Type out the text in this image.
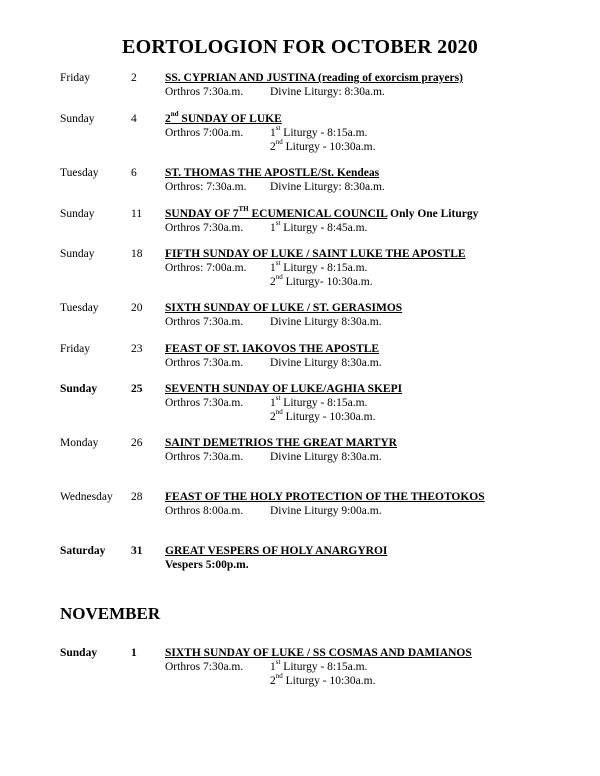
EORTOLOGION FOR OCTOBER 2020
Friday	2 SS. CYPRIAN AND JUSTINA (reading of exorcism prayers)
Orthros 7:30a.m. Divine Liturgy: 8:30a.m.
Sunday	4 2nd SUNDAY OF LUKE
Orthros 7:00a.m. 1st Liturgy - 8:15a.m.
2nd Liturgy - 10:30a.m.
Tuesday	6 ST. THOMAS THE APOSTLE/St. Kendeas
Orthros: 7:30a.m. Divine Liturgy: 8:30a.m.
Sunday	11 SUNDAY OF 7TH ECUMENICAL COUNCIL Only One Liturgy
Orthros 7:30a.m. 1st Liturgy - 8:45a.m.
Sunday	18 FIFTH SUNDAY OF LUKE / SAINT LUKE THE APOSTLE
Orthros: 7:00a.m. 1st Liturgy - 8:15a.m.
2nd Liturgy- 10:30a.m.
Tuesday	20 SIXTH SUNDAY OF LUKE / ST. GERASIMOS
Orthros 7:30a.m. Divine Liturgy 8:30a.m.
Friday	23 FEAST OF ST. IAKOVOS THE APOSTLE
Orthros 7:30a.m. Divine Liturgy 8:30a.m.
Sunday	25 SEVENTH SUNDAY OF LUKE/AGHIA SKEPI
Orthros 7:30a.m. 1st Liturgy - 8:15a.m.
2nd Liturgy - 10:30a.m.
Monday	26 SAINT DEMETRIOS THE GREAT MARTYR
Orthros 7:30a.m. Divine Liturgy 8:30a.m.
Wednesday 28 FEAST OF THE HOLY PROTECTION OF THE THEOTOKOS
Orthros 8:00a.m. Divine Liturgy 9:00a.m.
Saturday 31 GREAT VESPERS OF HOLY ANARGYROI
Vespers 5:00p.m.
NOVEMBER
Sunday	1 SIXTH SUNDAY OF LUKE / SS COSMAS AND DAMIANOS
Orthros 7:30a.m. 1st Liturgy - 8:15a.m.
2nd Liturgy - 10:30a.m.
